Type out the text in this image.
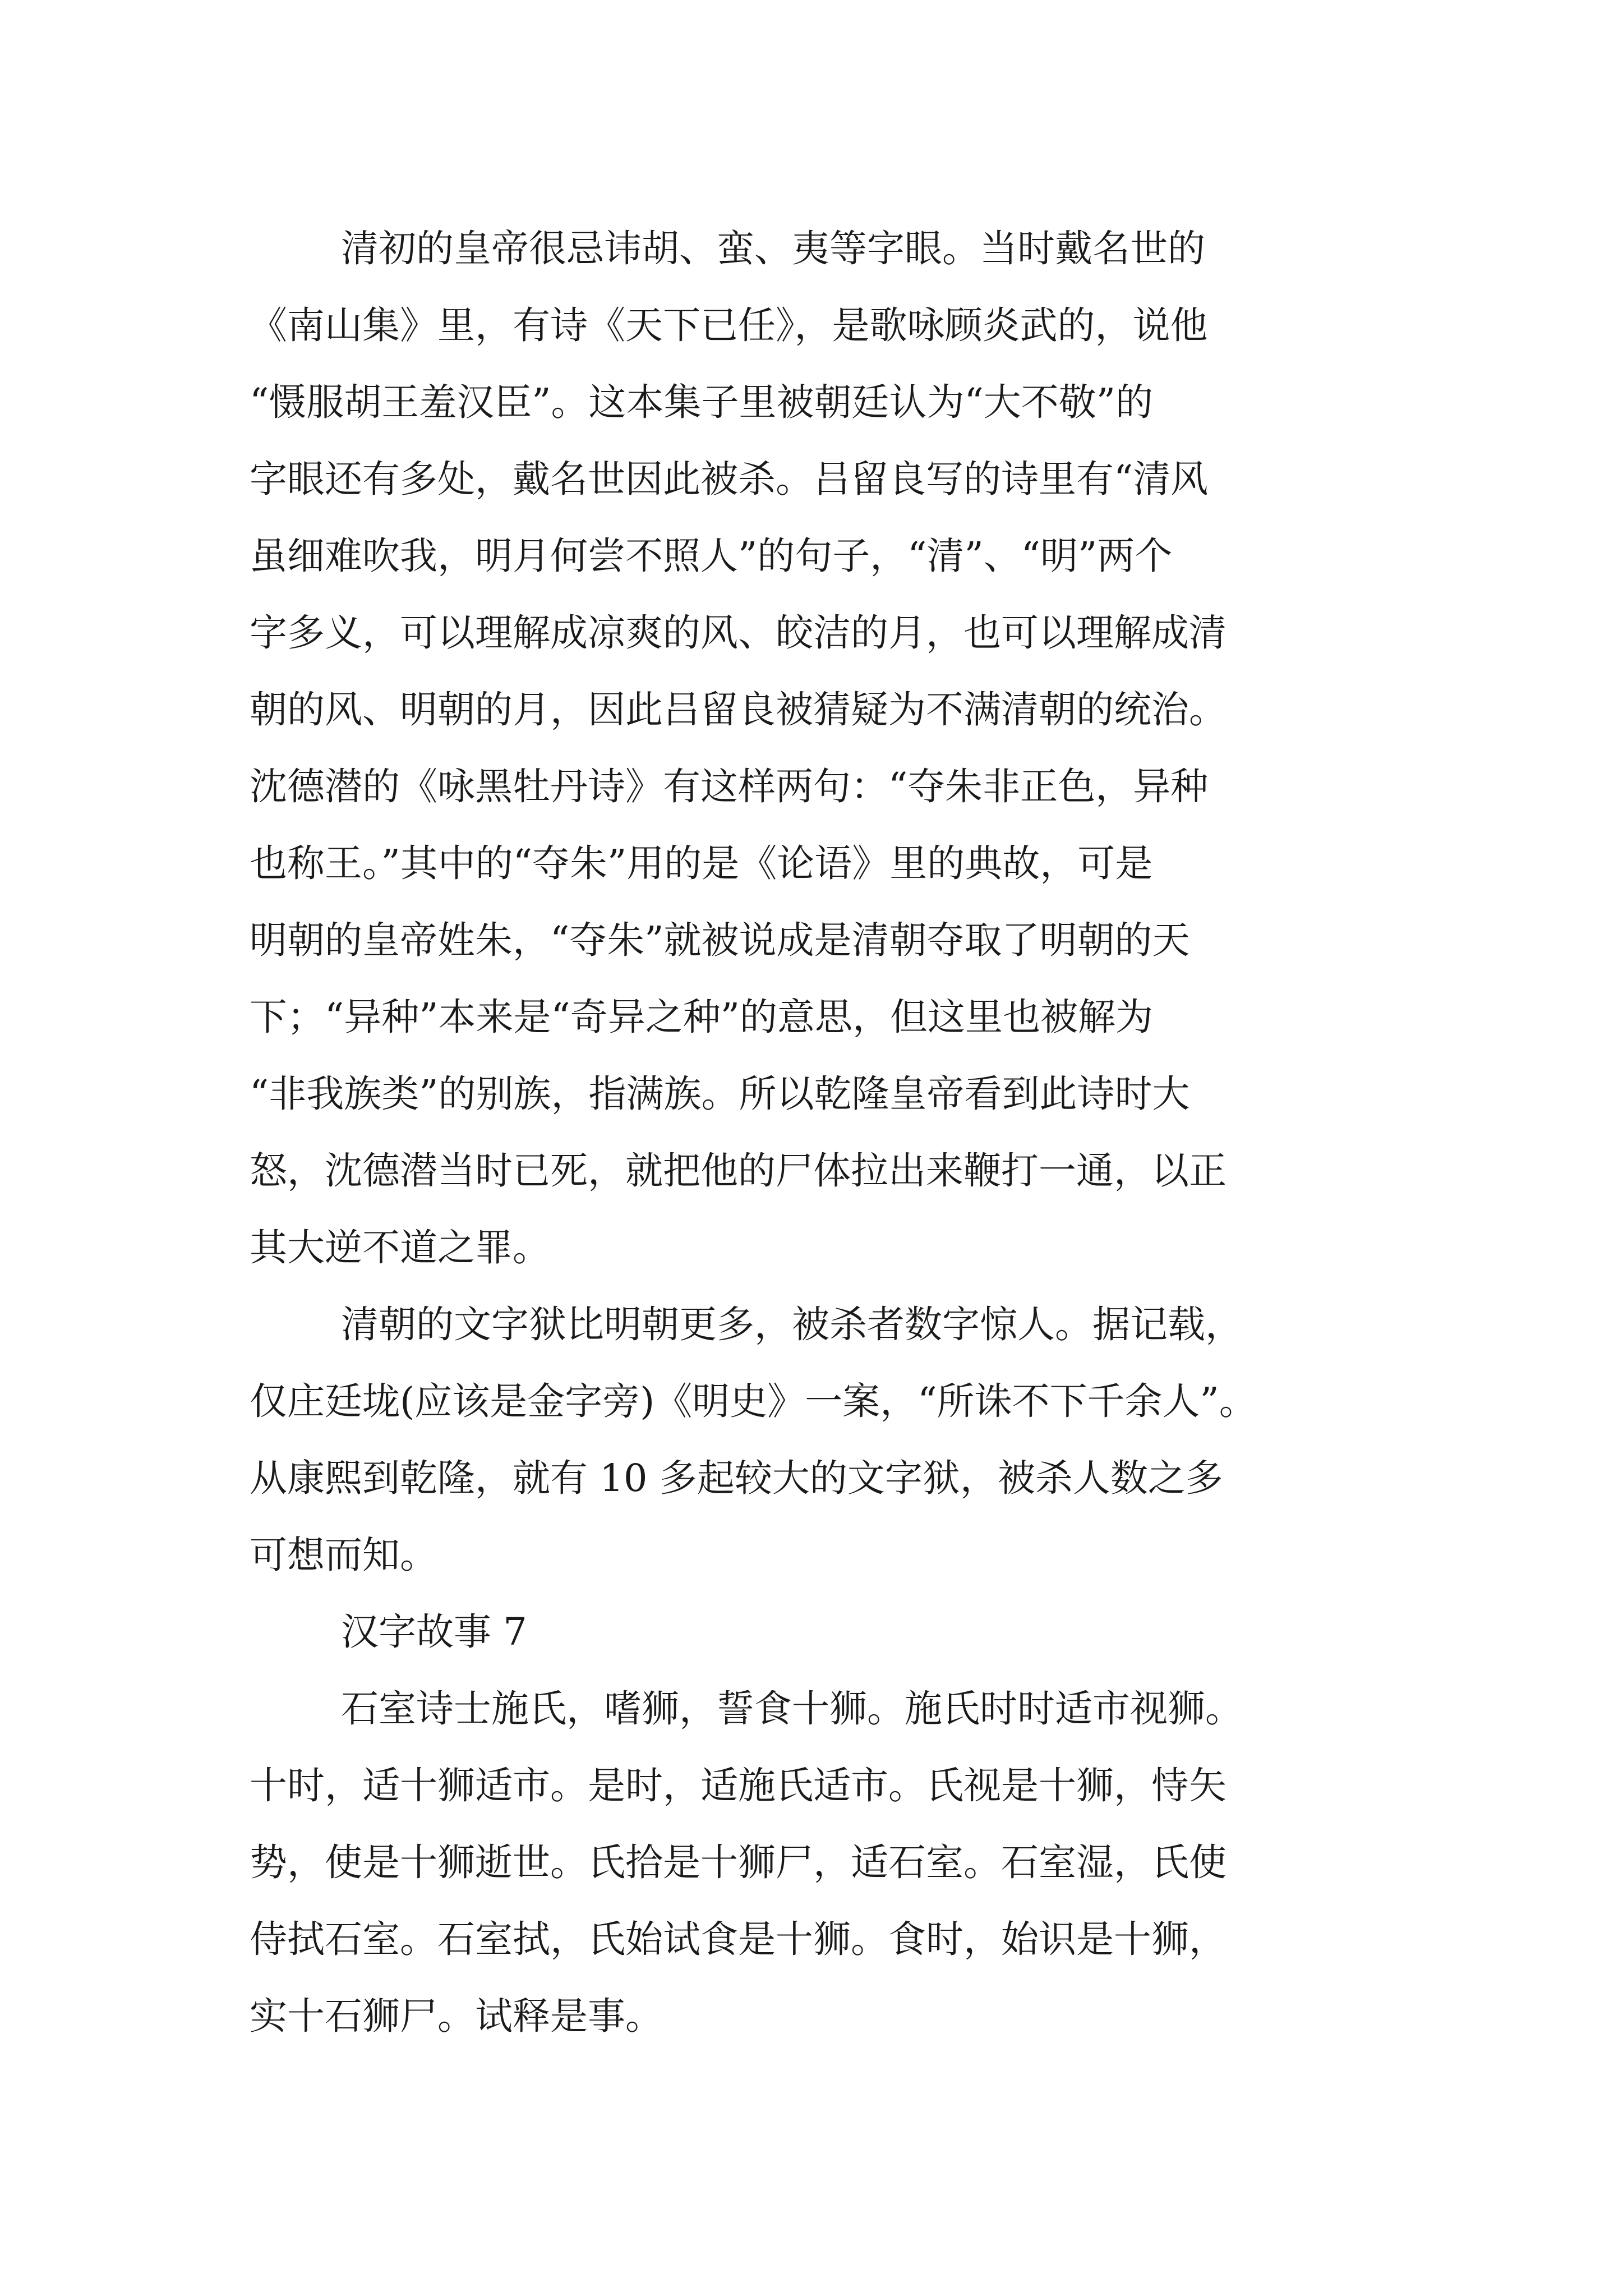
清初的皇帝很忌讳胡、蛮、夷等字眼。当时戴名世的
《南山集》里，有诗《天下已任》，是歌咏顾炎武的，说他
“慑服胡王羞汉臣”。这本集子里被朝廷认为“大不敬”的
字眼还有多处，戴名世因此被杀。吕留良写的诗里有“清风
虽细难吹我，明月何尝不照人”的句子，“清”、“明”两个
字多义，可以理解成凉爽的风、皎洁的月，也可以理解成清
朝的风、明朝的月，因此吕留良被猜疑为不满清朝的统治。
沈德潜的《咏黑牡丹诗》有这样两句：“夺朱非正色，异种
也称王。”其中的“夺朱”用的是《论语》里的典故，可是
明朝的皇帝姓朱，“夺朱”就被说成是清朝夺取了明朝的天
下；“异种”本来是“奇异之种”的意思，但这里也被解为
“非我族类”的别族，指满族。所以乾隆皇帝看到此诗时大
怒，沈德潜当时已死，就把他的尸体拉出来鞭打一通，以正
其大逆不道之罪。
清朝的文字狱比明朝更多，被杀者数字惊人。据记载，
仅庄廷垅(应该是金字旁)《明史》一案，“所诛不下千余人”。
从康熙到乾隆，就有 10 多起较大的文字狱，被杀人数之多
可想而知。
汉字故事 7
石室诗士施氏，嗜狮，誓食十狮。施氏时时适市视狮。
十时，适十狮适市。是时，适施氏适市。氏视是十狮，恃矢
势，使是十狮逝世。氏拾是十狮尸，适石室。石室湿，氏使
侍拭石室。石室拭，氏始试食是十狮。食时，始识是十狮，
实十石狮尸。试释是事。
